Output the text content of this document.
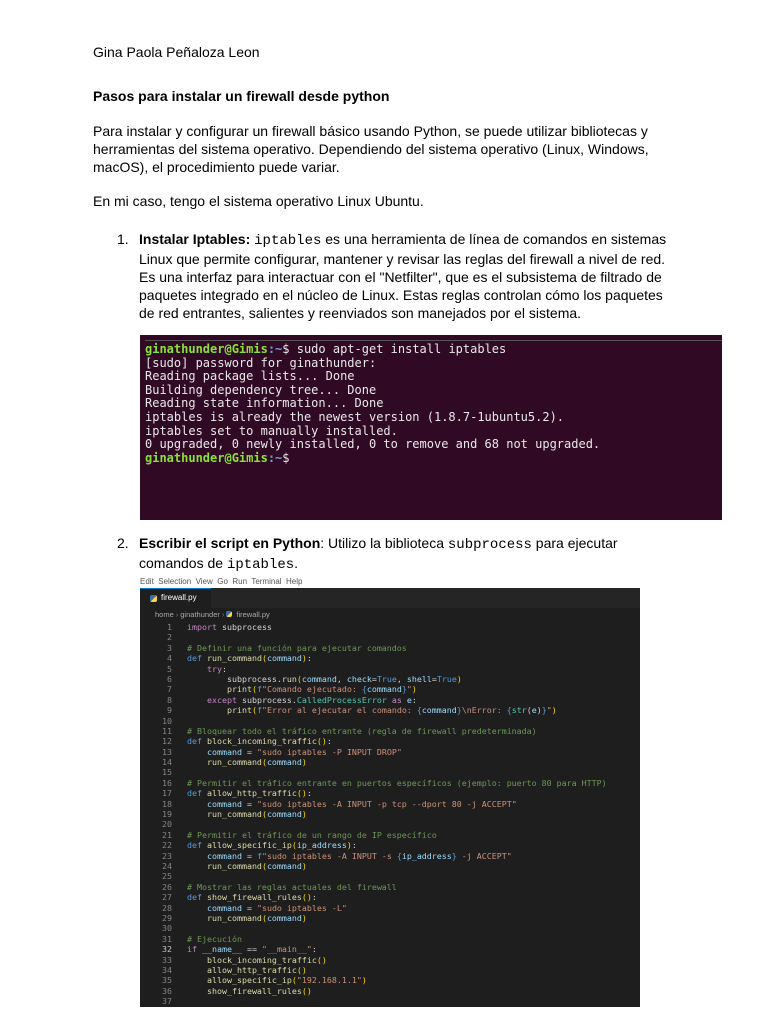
Gina Paola Peñaloza Leon
Pasos para instalar un firewall desde python
Para instalar y configurar un firewall básico usando Python, se puede utilizar bibliotecas y herramientas del sistema operativo. Dependiendo del sistema operativo (Linux, Windows, macOS), el procedimiento puede variar.
En mi caso, tengo el sistema operativo Linux Ubuntu.
1. Instalar Iptables: iptables es una herramienta de línea de comandos en sistemas Linux que permite configurar, mantener y revisar las reglas del firewall a nivel de red. Es una interfaz para interactuar con el "Netfilter", que es el subsistema de filtrado de paquetes integrado en el núcleo de Linux. Estas reglas controlan cómo los paquetes de red entrantes, salientes y reenviados son manejados por el sistema.
ginathunder@Gimis:~$ sudo apt-get install iptables
[sudo] password for ginathunder:
Reading package lists... Done
Building dependency tree... Done
Reading state information... Done
iptables is already the newest version (1.8.7-1ubuntu5.2).
iptables set to manually installed.
0 upgraded, 0 newly installed, 0 to remove and 68 not upgraded.
ginathunder@Gimis:~$
2. Escribir el script en Python: Utilizo la biblioteca subprocess para ejecutar comandos de iptables.
Edit  Selection  View  Go  Run  Terminal  Help
firewall.py
home › ginathunder › firewall.py
1	import subprocess
2
3	# Definir una función para ejecutar comandos
4	def run_command(command):
5	try:
6	subprocess.run(command, check=True, shell=True)
7	print(f"Comando ejecutado: {command}")
8	except subprocess.CalledProcessError as e:
9	print(f"Error al ejecutar el comando: {command}\nError: {str(e)}")
10
11	# Bloquear todo el tráfico entrante (regla de firewall predeterminada)
12	def block_incoming_traffic():
13	command = "sudo iptables -P INPUT DROP"
14	run_command(command)
15
16	# Permitir el tráfico entrante en puertos específicos (ejemplo: puerto 80 para HTTP)
17	def allow_http_traffic():
18	command = "sudo iptables -A INPUT -p tcp --dport 80 -j ACCEPT"
19	run_command(command)
20
21	# Permitir el tráfico de un rango de IP específico
22	def allow_specific_ip(ip_address):
23	command = f"sudo iptables -A INPUT -s {ip_address} -j ACCEPT"
24	run_command(command)
25
26	# Mostrar las reglas actuales del firewall
27	def show_firewall_rules():
28	command = "sudo iptables -L"
29	run_command(command)
30
31	# Ejecución
32	if __name__ == "__main__":
33	block_incoming_traffic()
34	allow_http_traffic()
35	allow_specific_ip("192.168.1.1")
36	show_firewall_rules()
37
